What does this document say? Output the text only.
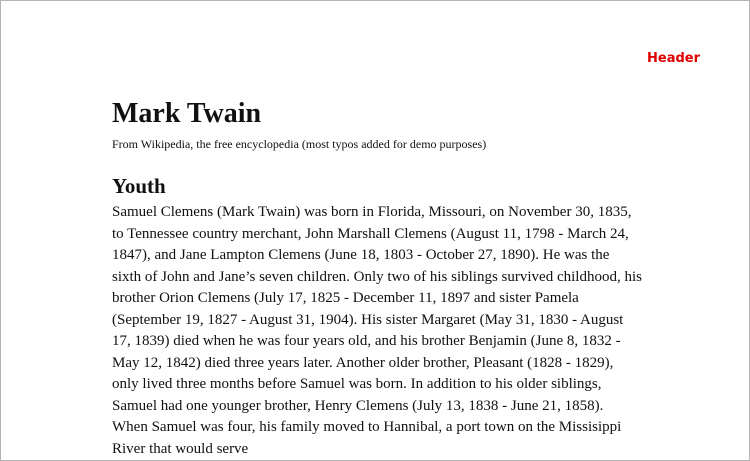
Header
Mark Twain
From Wikipedia, the free encyclopedia (most typos added for demo purposes)
Youth

Samuel Clemens (Mark Twain) was born in Florida, Missouri, on November 30, 1835, to Tennessee country merchant, John Marshall Clemens (August 11, 1798 - March 24, 1847), and Jane Lampton Clemens (June 18, 1803 - October 27, 1890). He was the sixth of John and Jane’s seven children. Only two of his siblings survived childhood, his brother Orion Clemens (July 17, 1825 - December 11, 1897 and sister Pamela (September 19, 1827 - August 31, 1904). His sister Margaret (May 31, 1830 - August 17, 1839) died when he was four years old, and his brother Benjamin (June 8, 1832 - May 12, 1842) died three years later. Another older brother, Pleasant (1828 - 1829), only lived three months before Samuel was born. In addition to his older siblings, Samuel had one younger brother, Henry Clemens (July 13, 1838 - June 21, 1858). When Samuel was four, his family moved to Hannibal, a port town on the Missisippi River that would serve
